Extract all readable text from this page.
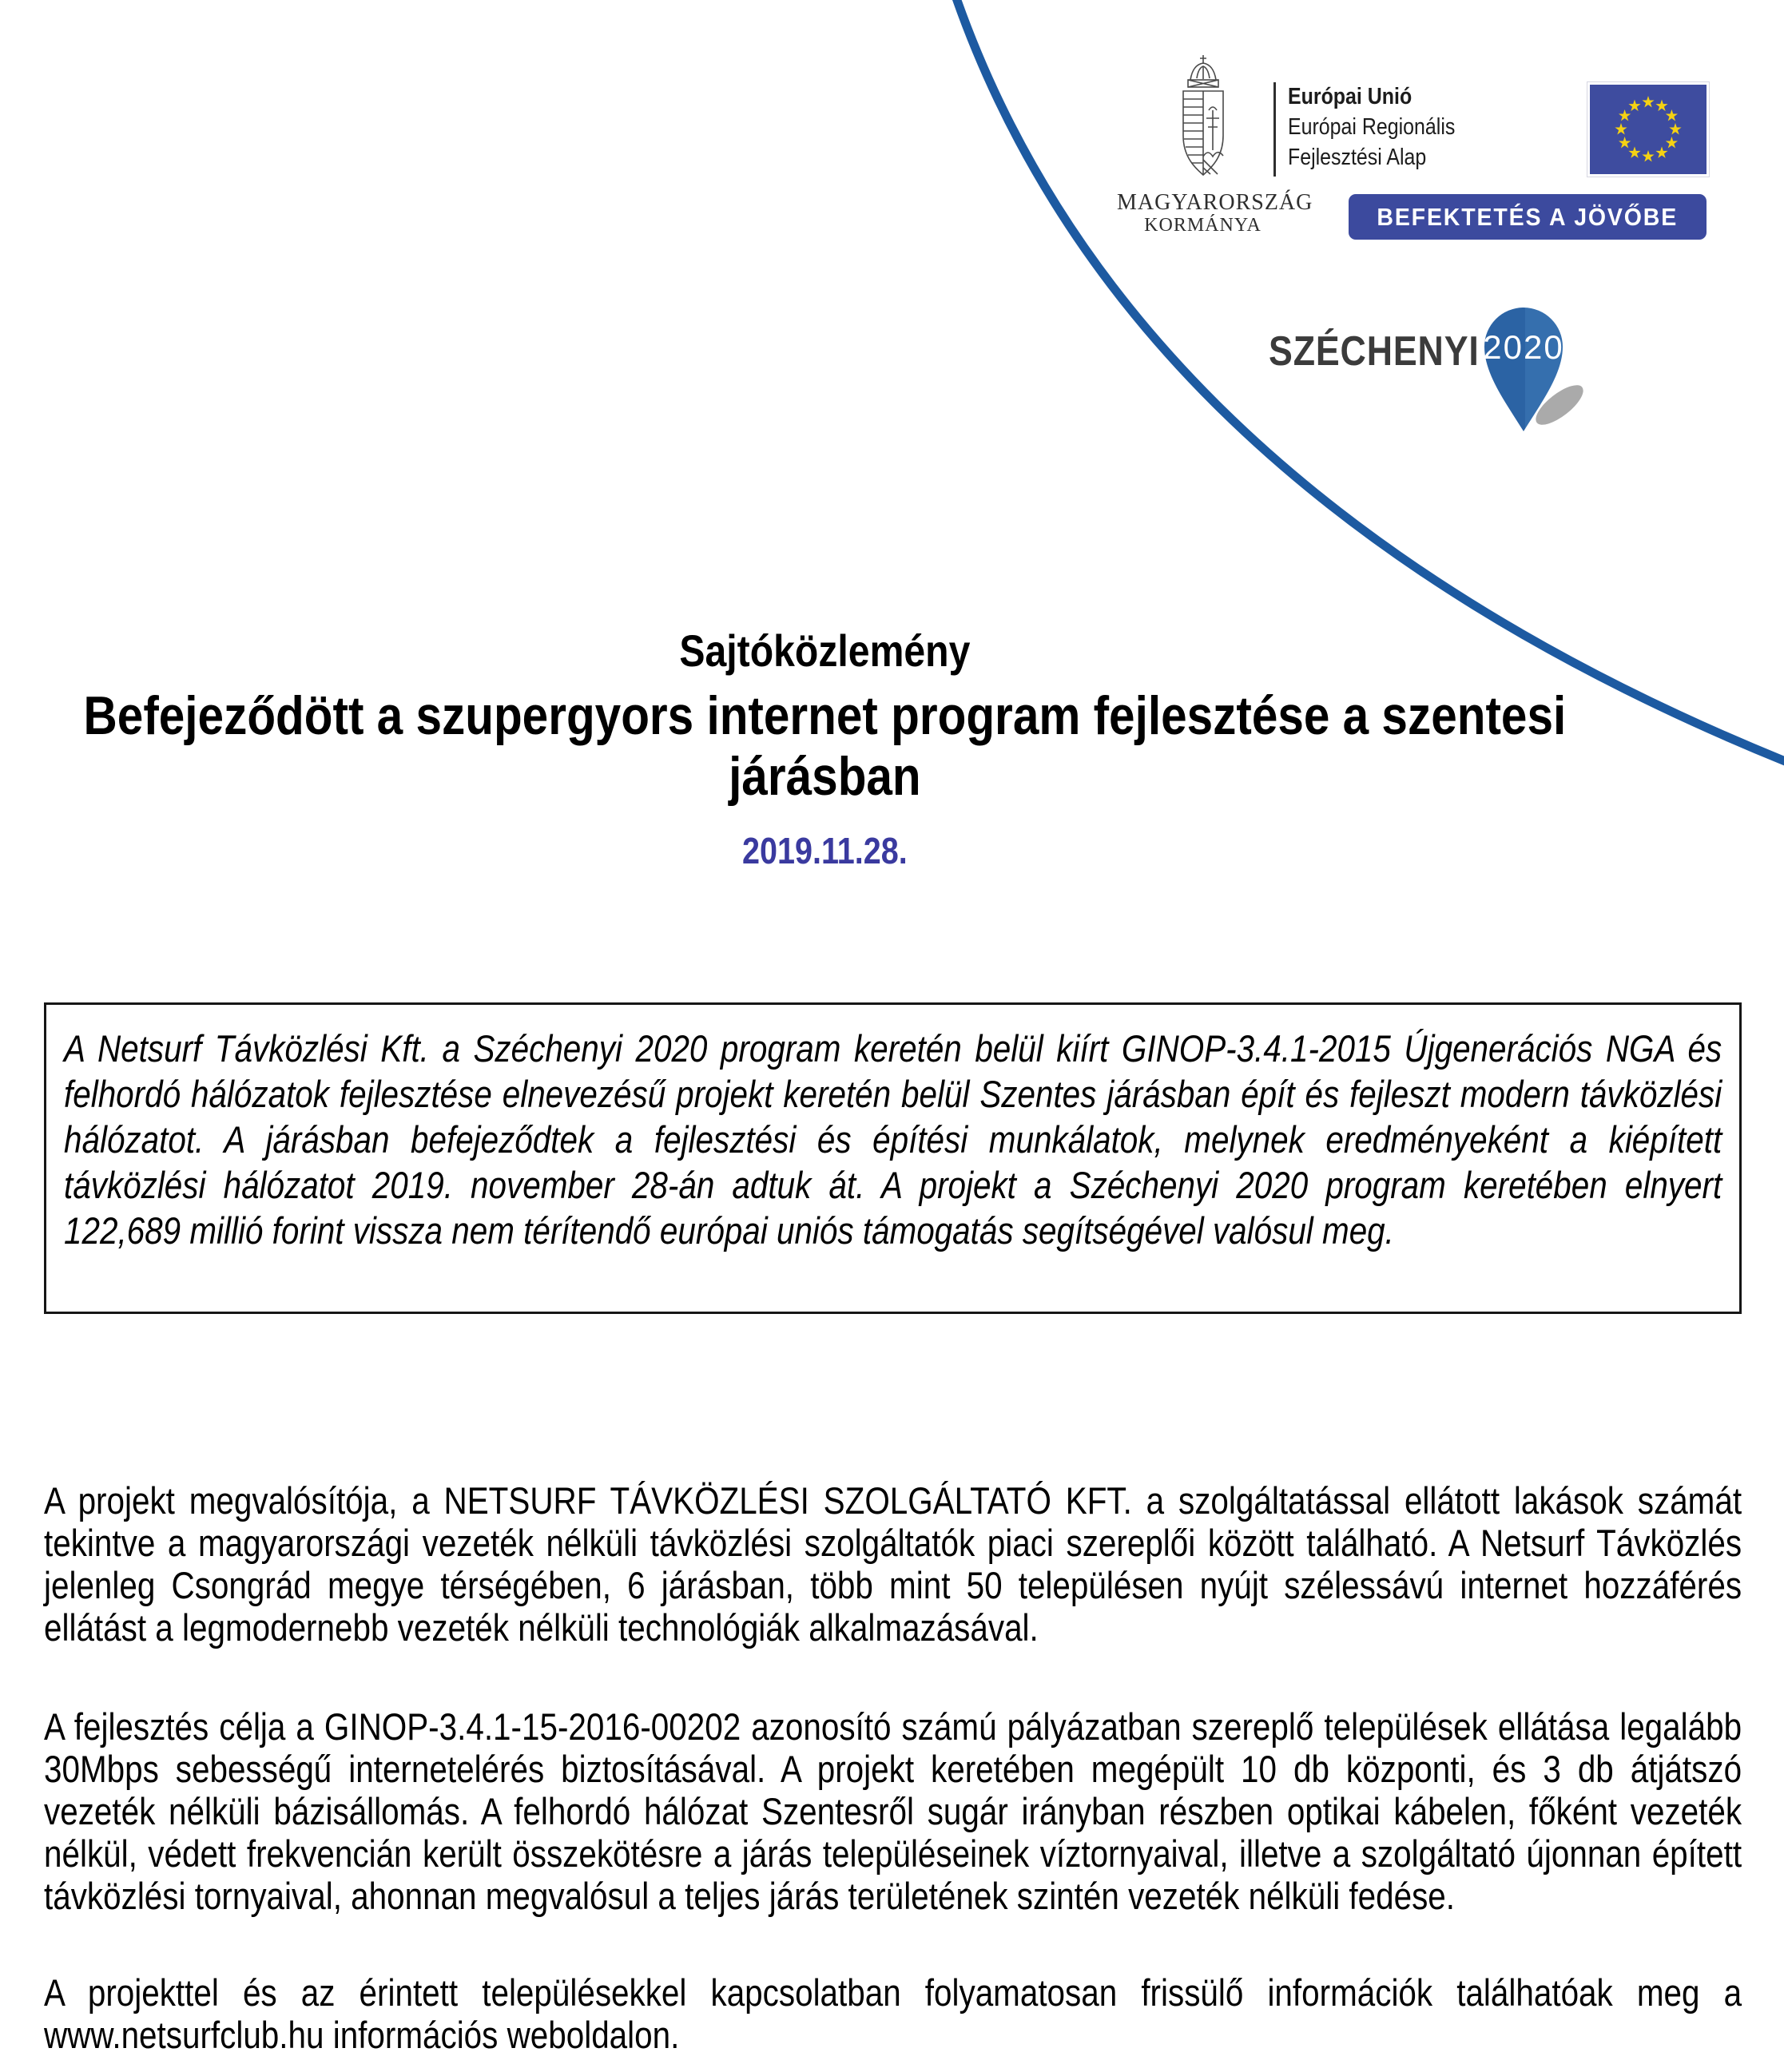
MAGYARORSZÁG
KORMÁNYA
Európai Unió
Európai Regionális
Fejlesztési Alap
BEFEKTETÉS A JÖVŐBE
SZÉCHENYI 2020
Sajtóközlemény
Befejeződött a szupergyors internet program fejlesztése a szentesi
járásban
2019.11.28.
A Netsurf Távközlési Kft. a Széchenyi 2020 program keretén belül kiírt GINOP-3.4.1-2015 Újgenerációs NGA és felhordó hálózatok fejlesztése elnevezésű projekt keretén belül Szentes járásban épít és fejleszt modern távközlési hálózatot. A járásban befejeződtek a fejlesztési és építési munkálatok, melynek eredményeként a kiépített távközlési hálózatot 2019. november 28-án adtuk át. A projekt a Széchenyi 2020 program keretében elnyert 122,689 millió forint vissza nem térítendő európai uniós támogatás segítségével valósul meg.

A projekt megvalósítója, a NETSURF TÁVKÖZLÉSI SZOLGÁLTATÓ KFT. a szolgáltatással ellátott lakások számát tekintve a magyarországi vezeték nélküli távközlési szolgáltatók piaci szereplői között található. A Netsurf Távközlés jelenleg Csongrád megye térségében, 6 járásban, több mint 50 településen nyújt szélessávú internet hozzáférés ellátást a legmodernebb vezeték nélküli technológiák alkalmazásával.

A fejlesztés célja a GINOP-3.4.1-15-2016-00202 azonosító számú pályázatban szereplő települések ellátása legalább 30Mbps sebességű internetelérés biztosításával. A projekt keretében megépült 10 db központi, és 3 db átjátszó vezeték nélküli bázisállomás. A felhordó hálózat Szentesről sugár irányban részben optikai kábelen, főként vezeték nélkül, védett frekvencián került összekötésre a járás településeinek víztornyaival, illetve a szolgáltató újonnan épített távközlési tornyaival, ahonnan megvalósul a teljes járás területének szintén vezeték nélküli fedése.

A projekttel és az érintett településekkel kapcsolatban folyamatosan frissülő információk találhatóak meg a www.netsurfclub.hu információs weboldalon.
